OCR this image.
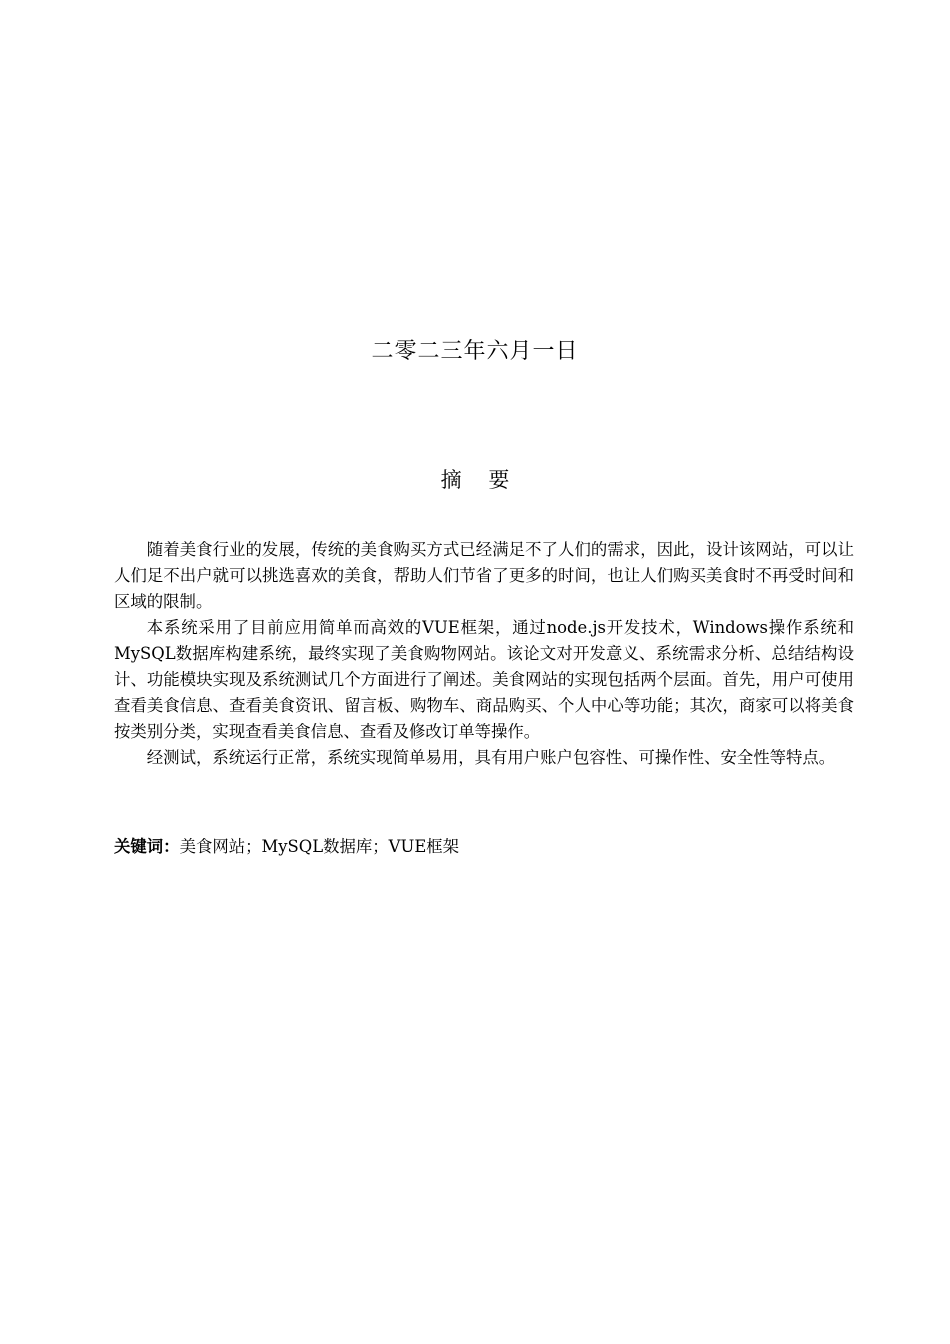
二零二三年六月一日
摘    要

随着美食行业的发展，传统的美食购买方式已经满足不了人们的需求，因此，设计该网站，可以让人们足不出户就可以挑选喜欢的美食，帮助人们节省了更多的时间，也让人们购买美食时不再受时间和区域的限制。

本系统采用了目前应用简单而高效的VUE框架，通过node.js开发技术，Windows操作系统和MySQL数据库构建系统，最终实现了美食购物网站。该论文对开发意义、系统需求分析、总结结构设计、功能模块实现及系统测试几个方面进行了阐述。美食网站的实现包括两个层面。首先，用户可使用查看美食信息、查看美食资讯、留言板、购物车、商品购买、个人中心等功能；其次，商家可以将美食按类别分类，实现查看美食信息、查看及修改订单等操作。

经测试，系统运行正常，系统实现简单易用，具有用户账户包容性、可操作性、安全性等特点。

关键词：美食网站；MySQL数据库；VUE框架
